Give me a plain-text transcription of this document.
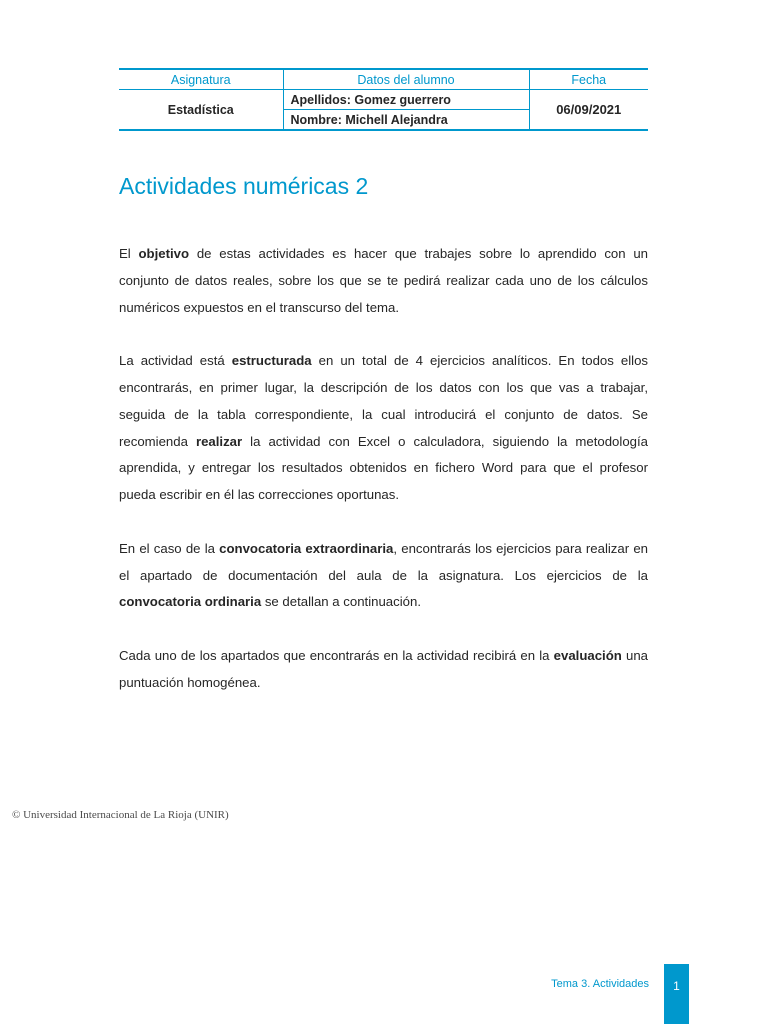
Asignatura	Datos del alumno	Fecha
Estadística	Apellidos: Gomez guerrero	06/09/2021
	Nombre: Michell Alejandra	
Actividades numéricas 2

El objetivo de estas actividades es hacer que trabajes sobre lo aprendido con un conjunto de datos reales, sobre los que se te pedirá realizar cada uno de los cálculos numéricos expuestos en el transcurso del tema.

La actividad está estructurada en un total de 4 ejercicios analíticos. En todos ellos encontrarás, en primer lugar, la descripción de los datos con los que vas a trabajar, seguida de la tabla correspondiente, la cual introducirá el conjunto de datos. Se recomienda realizar la actividad con Excel o calculadora, siguiendo la metodología aprendida, y entregar los resultados obtenidos en fichero Word para que el profesor pueda escribir en él las correcciones oportunas.

En el caso de la convocatoria extraordinaria, encontrarás los ejercicios para realizar en el apartado de documentación del aula de la asignatura. Los ejercicios de la convocatoria ordinaria se detallan a continuación.

Cada uno de los apartados que encontrarás en la actividad recibirá en la evaluación una puntuación homogénea.

© Universidad Internacional de La Rioja (UNIR)
Tema 3. Actividades	1
